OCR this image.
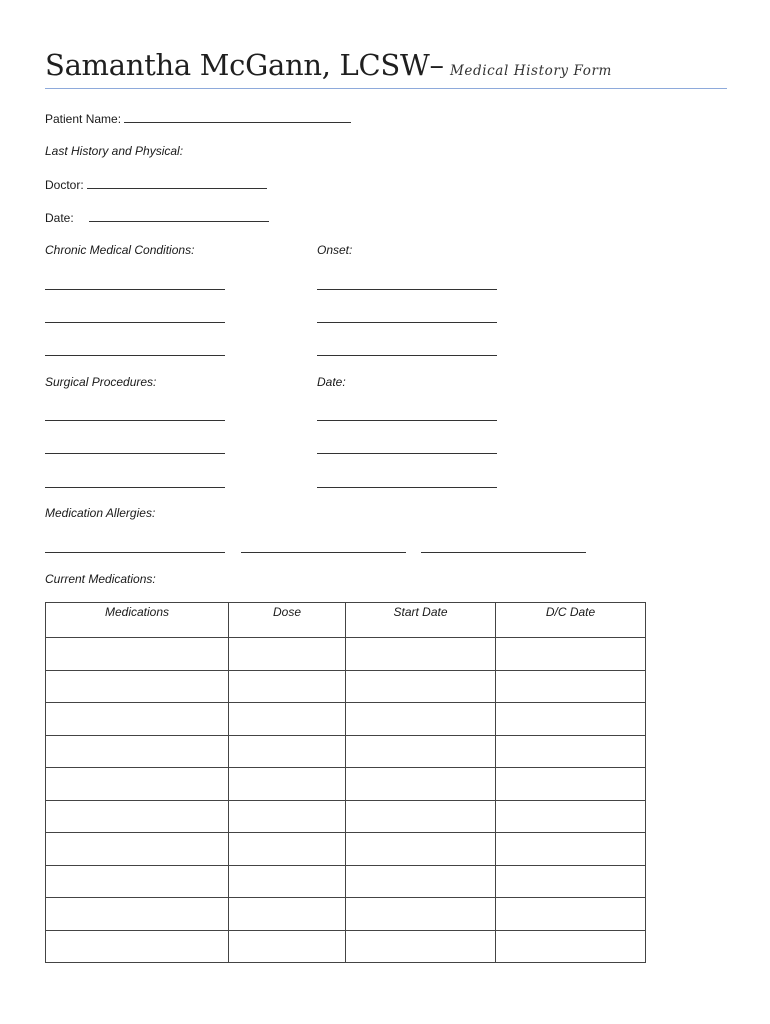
Samantha McGann, LCSW– Medical History Form
Patient Name:
Last History and Physical:
Doctor:
Date:
Chronic Medical Conditions:	Onset:
Surgical Procedures:	Date:
Medication Allergies:
Current Medications:
Medications	Dose	Start Date	D/C Date
